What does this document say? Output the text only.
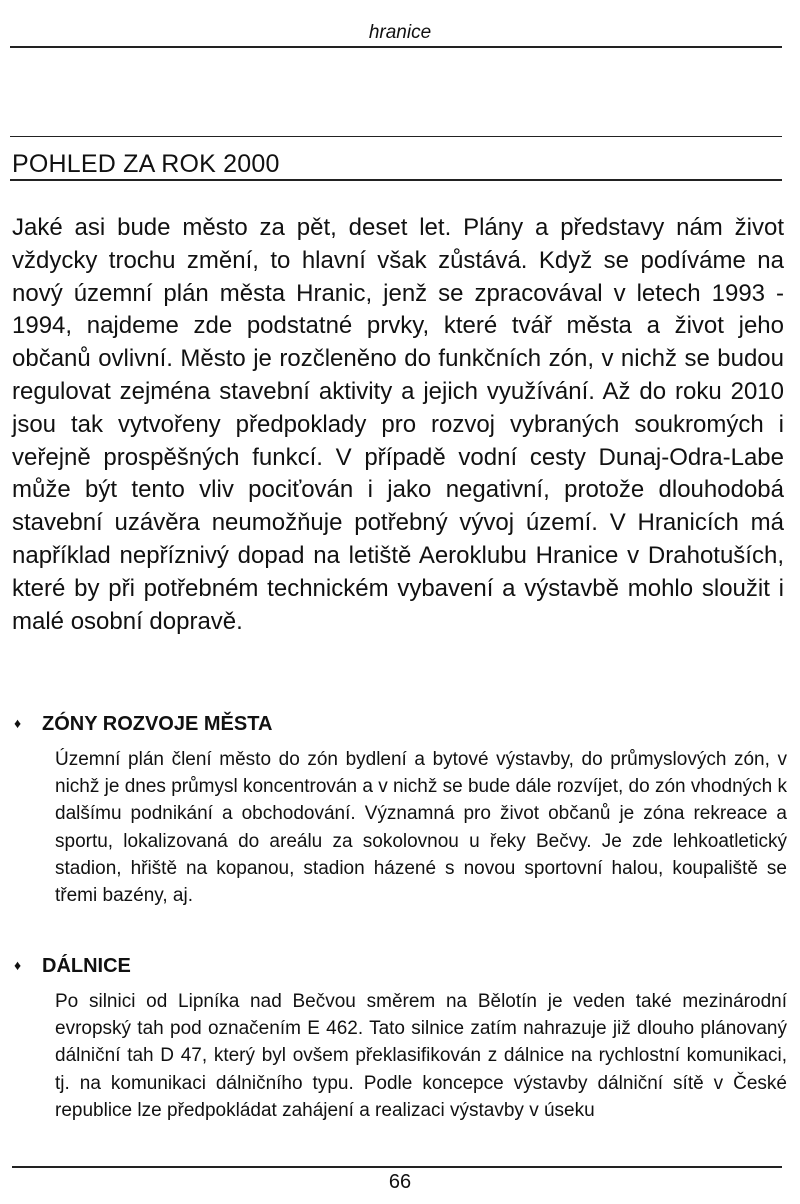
hranice
POHLED ZA ROK 2000
Jaké asi bude město za pět, deset let. Plány a představy nám život vždycky trochu změní, to hlavní však zůstává. Když se podíváme na nový územní plán města Hranic, jenž se zpracovával v letech 1993 - 1994, najdeme zde podstatné prvky, které tvář města a život jeho občanů ovlivní. Město je rozčleněno do funkčních zón, v nichž se budou regulovat zejména stavební aktivity a jejich využívání. Až do roku 2010 jsou tak vytvořeny předpoklady pro rozvoj vybraných soukromých i veřejně prospěšných funkcí. V případě vodní cesty Dunaj-Odra-Labe může být tento vliv pociťován i jako negativní, protože dlouhodobá stavební uzávěra neumožňuje potřebný vývoj území. V Hranicích má například nepříznivý dopad na letiště Aeroklubu Hranice v Drahotuších, které by při potřebném technickém vybavení a výstavbě mohlo sloužit i malé osobní dopravě.
♦ ZÓNY ROZVOJE MĚSTA
Územní plán člení město do zón bydlení a bytové výstavby, do průmyslových zón, v nichž je dnes průmysl koncentrován a v nichž se bude dále rozvíjet, do zón vhodných k dalšímu podnikání a obchodování. Významná pro život občanů je zóna rekreace a sportu, lokalizovaná do areálu za sokolovnou u řeky Bečvy. Je zde lehkoatletický stadion, hřiště na kopanou, stadion házené s novou sportovní halou, koupaliště se třemi bazény, aj.
♦ DÁLNICE
Po silnici od Lipníka nad Bečvou směrem na Bělotín je veden také mezinárodní evropský tah pod označením E 462. Tato silnice zatím nahrazuje již dlouho plánovaný dálniční tah D 47, který byl ovšem překlasifikován z dálnice na rychlostní komunikaci, tj. na komunikaci dálničního typu. Podle koncepce výstavby dálniční sítě v České republice lze předpokládat zahájení a realizaci výstavby v úseku
66
